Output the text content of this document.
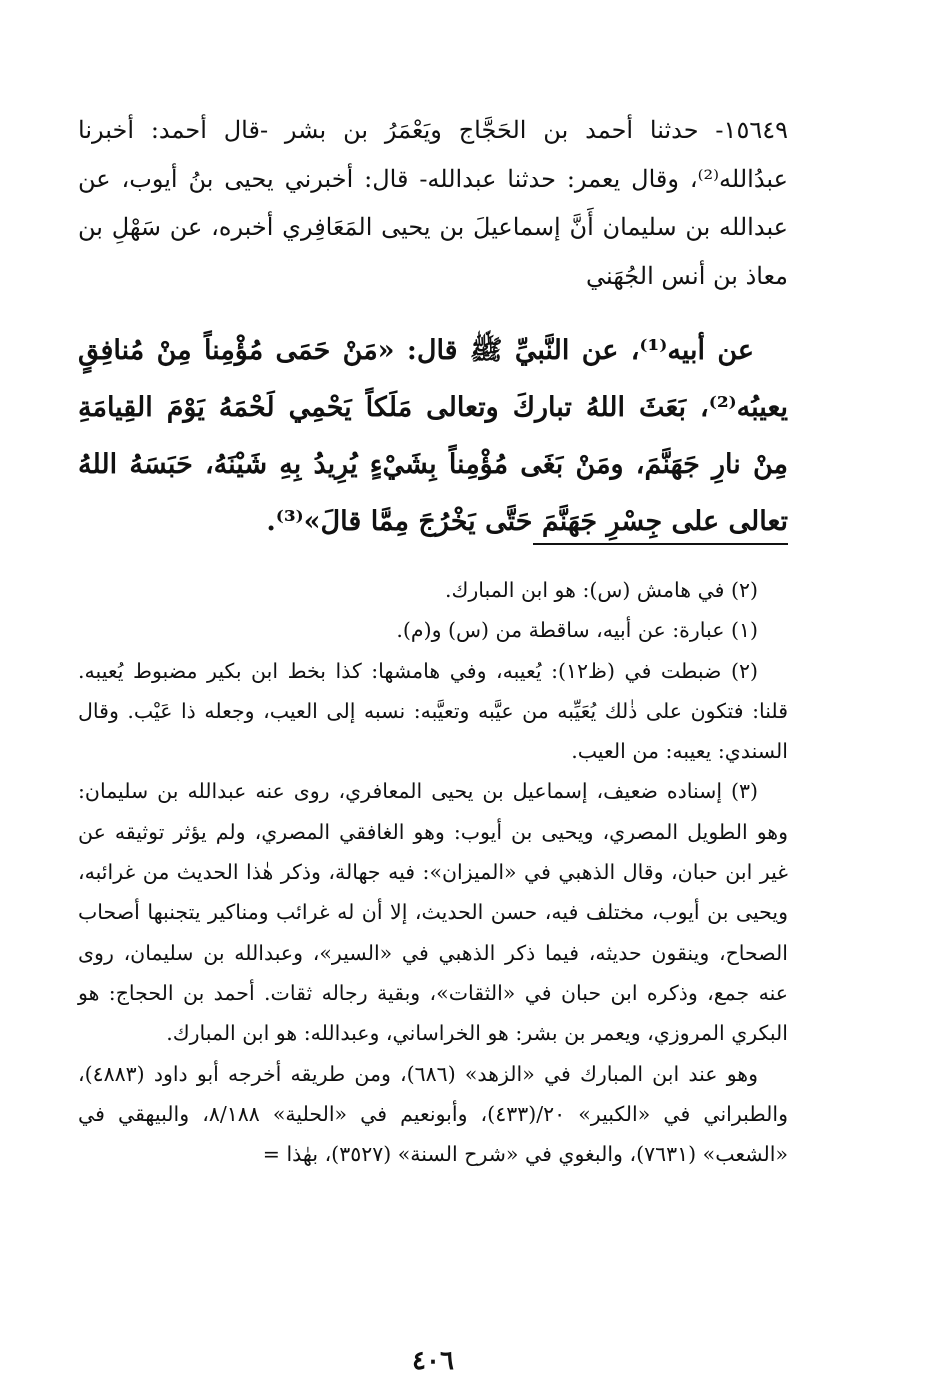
١٥٦٤٩- حدثنا أحمد بن الحَجَّاج ويَعْمَرُ بن بشر -قال أحمد: أخبرنا عبدُالله⁽²⁾، وقال يعمر: حدثنا عبدالله- قال: أخبرني يحيى بنُ أيوب، عن عبدالله بن سليمان أَنَّ إسماعيلَ بن يحيى المَعَافِري أخبره، عن سَهْلِ بن معاذ بن أنس الجُهَني

عن أبيه⁽¹⁾، عن النَّبيِّ ﷺ قال: «مَنْ حَمَى مُؤْمِناً مِنْ مُنافِقٍ يعيبُه⁽²⁾، بَعَثَ اللهُ تباركَ وتعالى مَلَكاً يَحْمِي لَحْمَهُ يَوْمَ القِيامَةِ مِنْ نارِ جَهَنَّمَ، ومَنْ بَغَى مُؤْمِناً بِشَيْءٍ يُرِيدُ بِهِ شَيْنَهُ، حَبَسَهُ اللهُ تعالى على جِسْرِ جَهَنَّمَ حَتَّى يَخْرُجَ مِمَّا قالَ»⁽³⁾.

(٢) في هامش (س): هو ابن المبارك.

(١) عبارة: عن أبيه، ساقطة من (س) و(م).

(٢) ضبطت في (ظ١٢): يُعيبه، وفي هامشها: كذا بخط ابن بكير مضبوط يُعيبه. قلنا: فتكون على ذٰلك يُعَيِّبه من عيَّبه وتعيَّبه: نسبه إلى العيب، وجعله ذا عَيْب. وقال السندي: يعيبه: من العيب.

(٣) إسناده ضعيف، إسماعيل بن يحيى المعافري، روى عنه عبدالله بن سليمان: وهو الطويل المصري، ويحيى بن أيوب: وهو الغافقي المصري، ولم يؤثر توثيقه عن غير ابن حبان، وقال الذهبي في «الميزان»: فيه جهالة، وذكر هٰذا الحديث من غرائبه، ويحيى بن أيوب، مختلف فيه، حسن الحديث، إلا أن له غرائب ومناكير يتجنبها أصحاب الصحاح، وينقون حديثه، فيما ذكر الذهبي في «السير»، وعبدالله بن سليمان، روى عنه جمع، وذكره ابن حبان في «الثقات»، وبقية رجاله ثقات. أحمد بن الحجاج: هو البكري المروزي، ويعمر بن بشر: هو الخراساني، وعبدالله: هو ابن المبارك.

وهو عند ابن المبارك في «الزهد» (٦٨٦)، ومن طريقه أخرجه أبو داود (٤٨٨٣)، والطبراني في «الكبير» ٢٠/(٤٣٣)، وأبونعيم في «الحلية» ٨/١٨٨، والبيهقي في «الشعب» (٧٦٣١)، والبغوي في «شرح السنة» (٣٥٢٧)، بهٰذا =

٤٠٦
